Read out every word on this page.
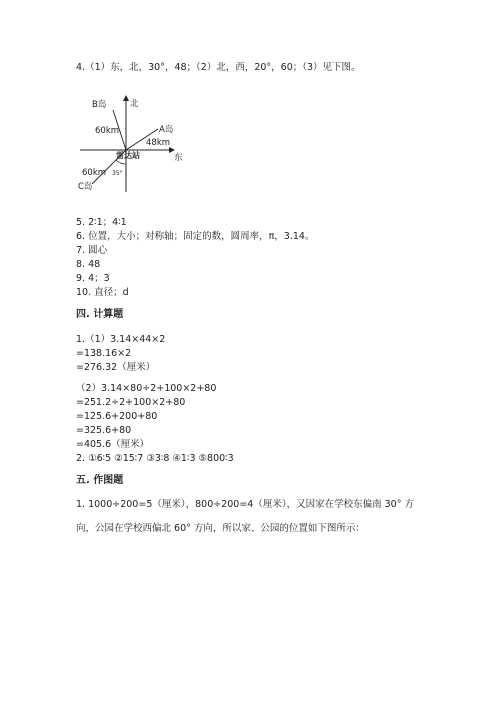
4.（1）东，北，30°，48；（2）北，西，20°，60；（3）见下图。
北
东
雷达站
B岛
A岛
C岛
60km
48km
60km 35°
5. 2∶1；4∶1
6. 位置，大小；对称轴；固定的数，圆周率，π，3.14。
7. 圆心
8. 48
9. 4；3
10. 直径；d
四. 计算题
1.（1）3.14×44×2
=138.16×2
=276.32（厘米）
（2）3.14×80÷2+100×2+80
=251.2÷2+100×2+80
=125.6+200+80
=325.6+80
=405.6（厘米）
2. ①6∶5 ②15∶7 ③3∶8 ④1∶3 ⑤800∶3
五. 作图题
1. 1000÷200=5（厘米），800÷200=4（厘米），又因家在学校东偏南 30° 方
向，公园在学校西偏北 60° 方向，所以家、公园的位置如下图所示：
